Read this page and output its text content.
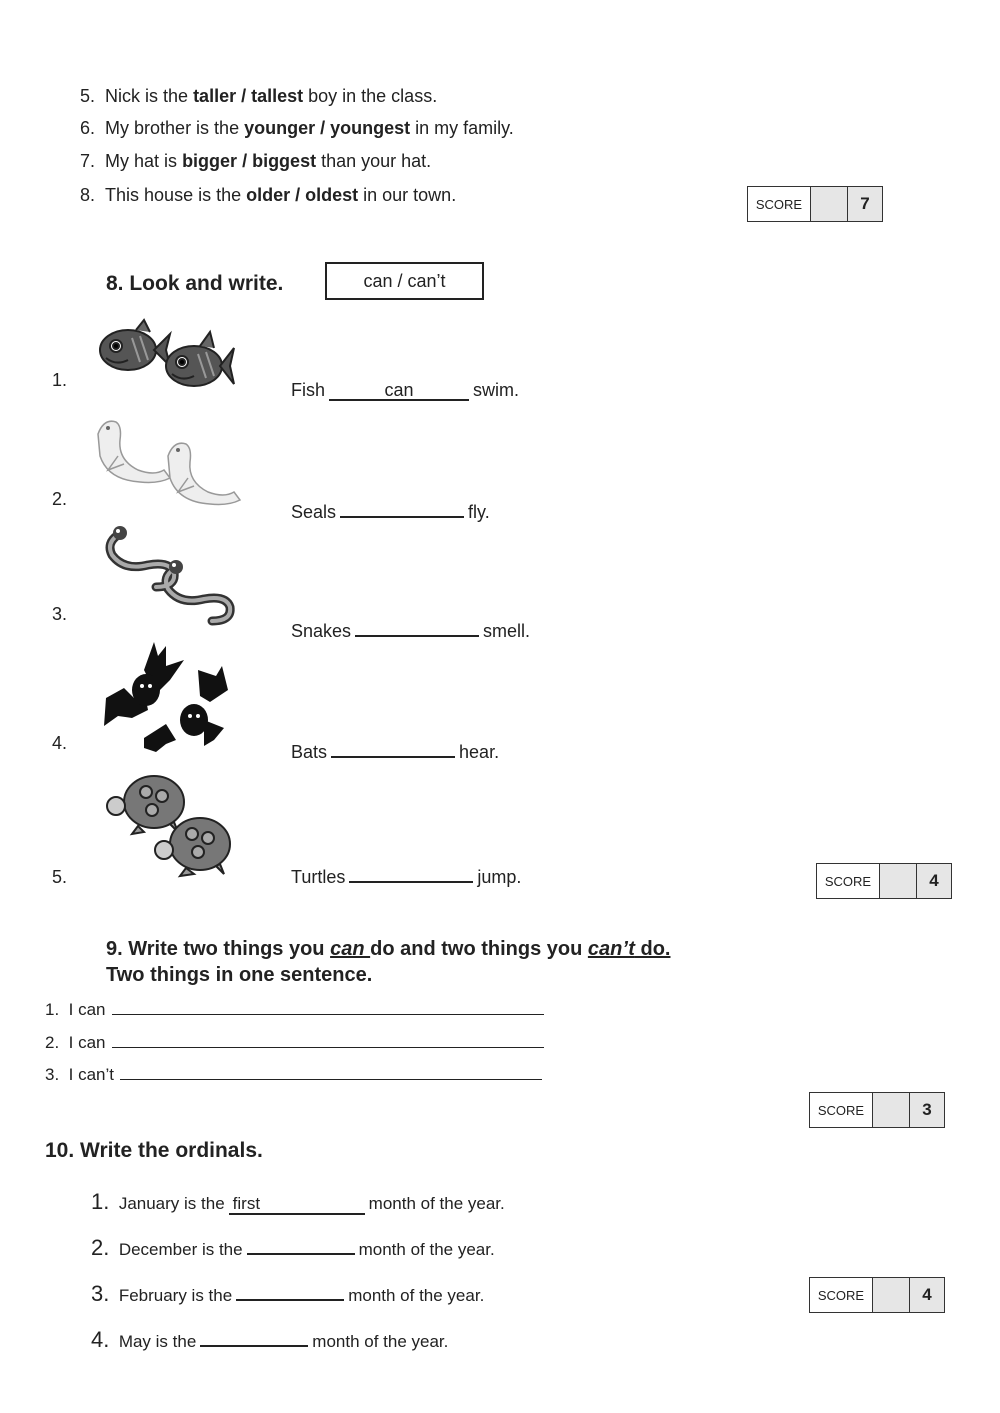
5. Nick is the taller / tallest boy in the class.
6. My brother is the younger / youngest in my family.
7. My hat is bigger / biggest than your hat.
8. This house is the older / oldest in our town.	SCORE	7
8. Look and write.	can / can’t
1.	Fish	can	swim.
2.
Seals	fly.
3.
Snakes	smell.
4.	Bats	hear.
5.	Turtles	jump.	SCORE	4
9. Write two things you can do and two things you can’t do.
Two things in one sentence.
1. I can
2. I can
3. I can’t
SCORE	3
10. Write the ordinals.
1. January is the first	month of the year.
2. December is the	month of the year.
3. February is the	month of the year.
4. May is the	month of the year.
SCORE	4
